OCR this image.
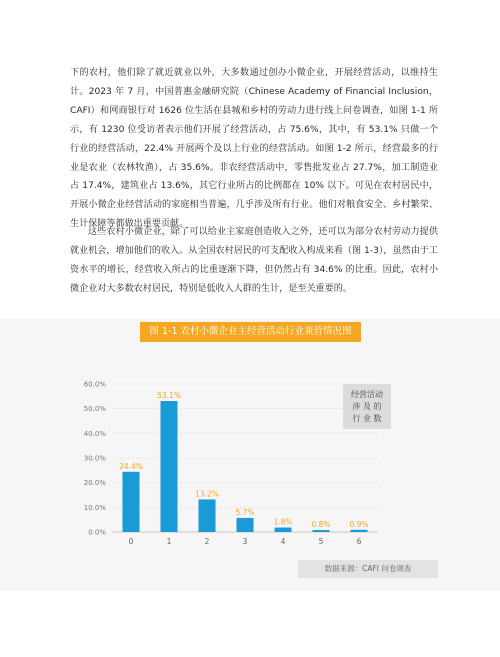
下的农村，他们除了就近就业以外，大多数通过创办小微企业，开展经营活动，以维持生计。2023 年 7 月，中国普惠金融研究院（Chinese Academy of Financial Inclusion，CAFI）和网商银行对 1626 位生活在县城和乡村的劳动力进行线上问卷调查，如图 1-1 所示，有 1230 位受访者表示他们开展了经营活动，占 75.6%，其中，有 53.1% 只做一个行业的经营活动，22.4% 开展两个及以上行业的经营活动。如图 1-2 所示，经营最多的行业是农业（农林牧渔），占 35.6%。非农经营活动中，零售批发业占 27.7%，加工制造业占 17.4%，建筑业占 13.6%，其它行业所占的比例都在 10% 以下。可见在农村居民中，开展小微企业经营活动的家庭相当普遍，几乎涉及所有行业。他们对粮食安全、乡村繁荣、生计保障等都做出重要贡献。

这些农村小微企业，除了可以给业主家庭创造收入之外，还可以为部分农村劳动力提供就业机会，增加他们的收入。从全国农村居民的可支配收入构成来看（图 1-3），虽然由于工资水平的增长，经营收入所占的比重逐渐下降，但仍然占有 34.6% 的比重。因此，农村小微企业对大多数农村居民，特别是低收入人群的生计，是至关重要的。

图 1-1 农村小微企业主经营活动行业兼营情况图
0.0%
10.0%
20.0%
30.0%
40.0%
50.0%
60.0%
24.4%
0
53.1%
1
13.2%
2
5.7%
3
1.8%
4
0.8%
5
0.9%
6
经营活动
涉 及 的
行 业 数
数据来源：CAFI 问卷调查
